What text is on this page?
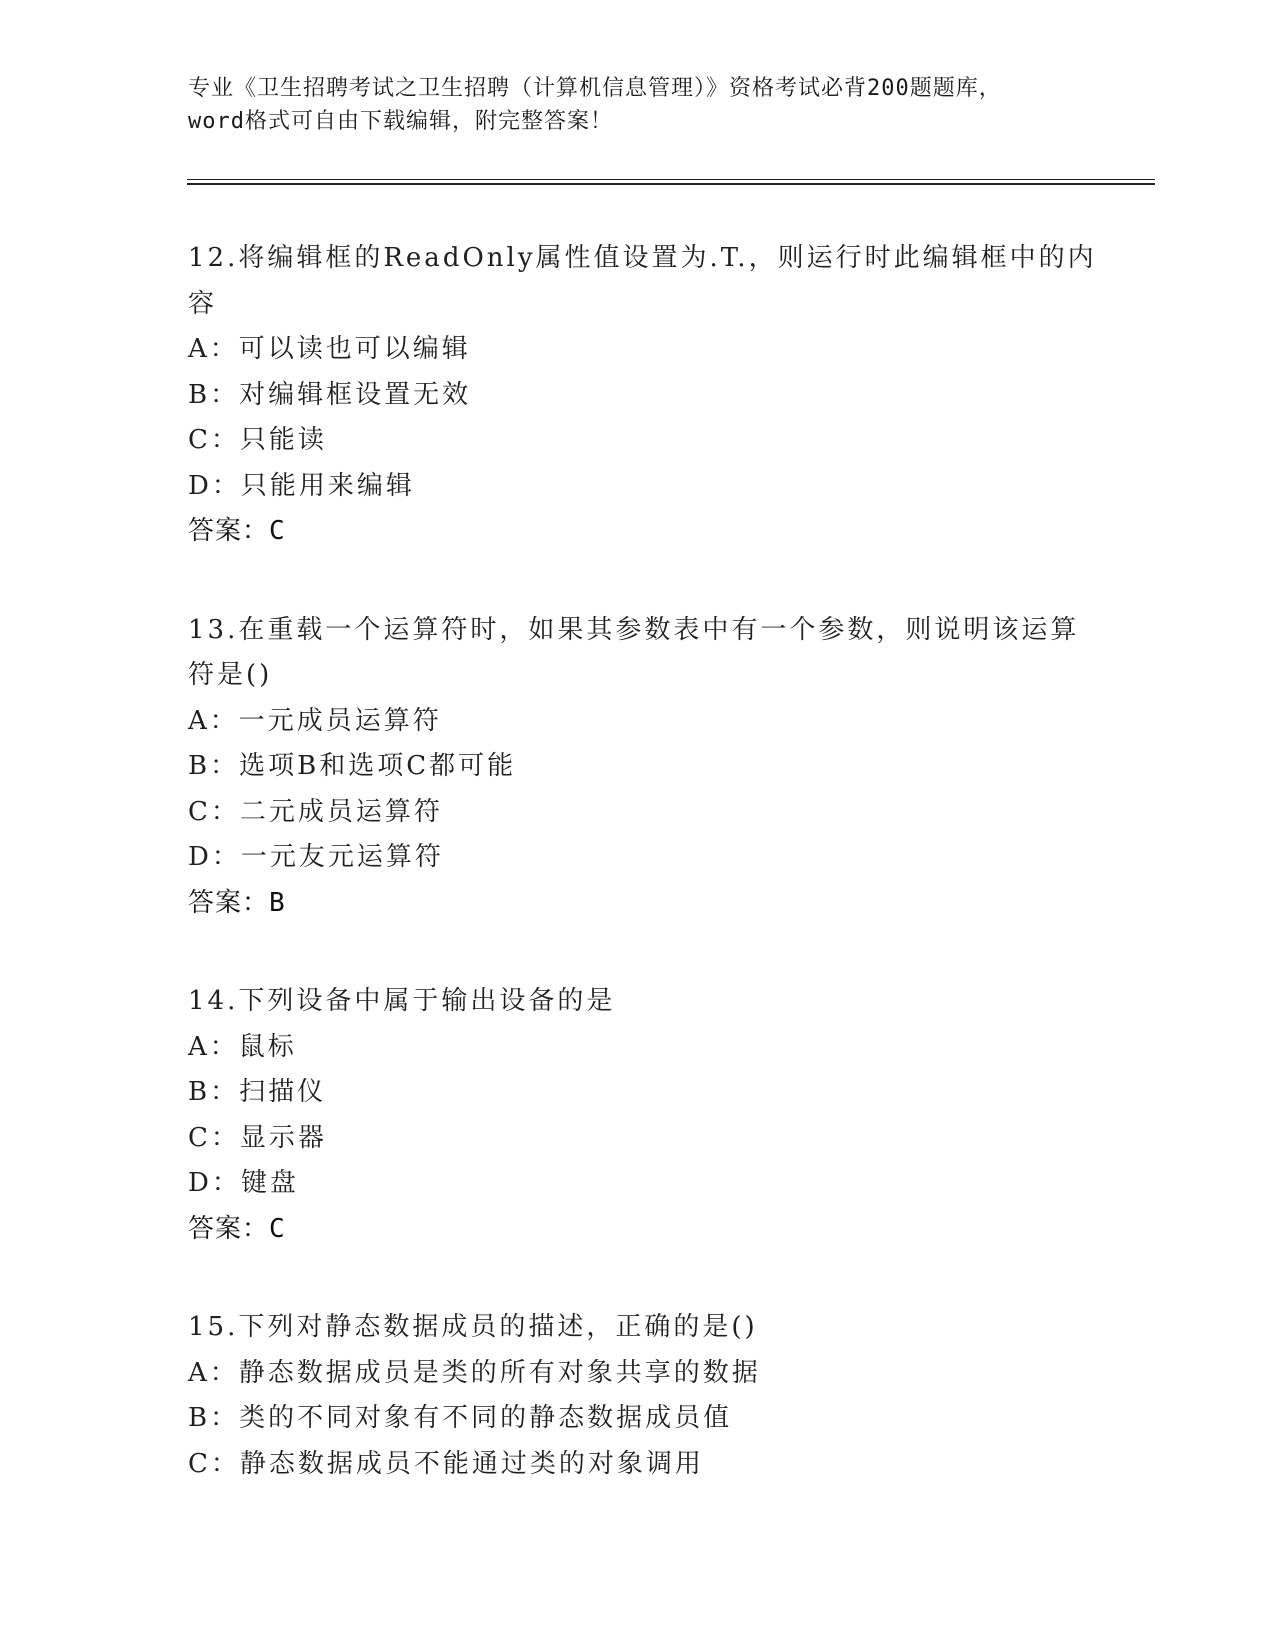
专业《卫生招聘考试之卫生招聘（计算机信息管理）》资格考试必背200题题库，
word格式可自由下载编辑，附完整答案！
12.将编辑框的ReadOnly属性值设置为.T.，则运行时此编辑框中的内
容
A：可以读也可以编辑
B：对编辑框设置无效
C：只能读
D：只能用来编辑
答案：C
13.在重载一个运算符时，如果其参数表中有一个参数，则说明该运算
符是()
A：一元成员运算符
B：选项B和选项C都可能
C：二元成员运算符
D：一元友元运算符
答案：B
14.下列设备中属于输出设备的是
A：鼠标
B：扫描仪
C：显示器
D：键盘
答案：C
15.下列对静态数据成员的描述，正确的是()
A：静态数据成员是类的所有对象共享的数据
B：类的不同对象有不同的静态数据成员值
C：静态数据成员不能通过类的对象调用
